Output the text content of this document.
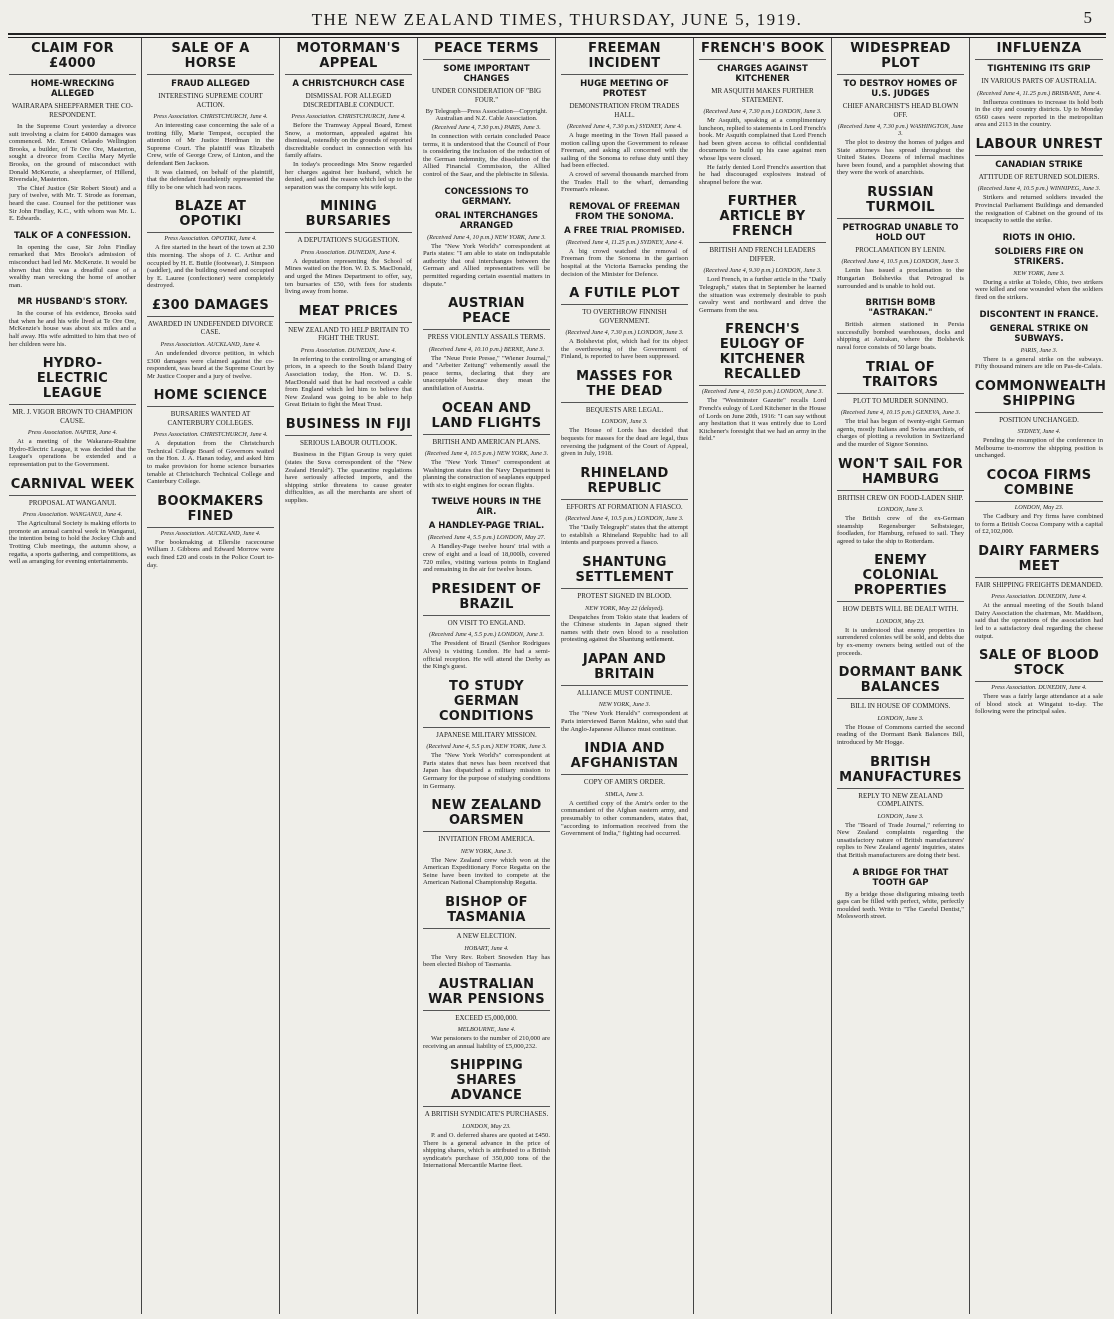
THE NEW ZEALAND TIMES, THURSDAY, JUNE 5, 1919.	5
CLAIM FOR £4000
HOME-WRECKING ALLEGED
WAIRARAPA SHEEPFARMER THE CO-RESPONDENT.

In the Supreme Court yesterday a divorce suit involving a claim for £4000 damages was commenced. Mr. Ernest Orlando Wellington Brooks, a builder, of Te Ore Ore, Masterton, sought a divorce from Cecilia Mary Myrtle Brooks, on the ground of misconduct with Donald McKenzie, a sheepfarmer, of Hillend, Riversdale, Masterton.

The Chief Justice (Sir Robert Stout) and a jury of twelve, with Mr. T. Strode as foreman, heard the case. Counsel for the petitioner was Sir John Findlay, K.C., with whom was Mr. L. E. Edwards.

TALK OF A CONFESSION.

In opening the case, Sir John Findlay remarked that Mrs Brooks's admission of misconduct had led Mr. McKenzie. It would be shown that this was a dreadful case of a wealthy man wrecking the home of another man.

MR HUSBAND'S STORY.

In the course of his evidence, Brooks said that when he and his wife lived at Te Ore Ore, McKenzie's house was about six miles and a half away. His wife admitted to him that two of her children were his.

HYDRO-ELECTRIC LEAGUE
MR. J. VIGOR BROWN TO CHAMPION CAUSE.
Press Association. NAPIER, June 4.

At a meeting of the Wakarara-Ruahine Hydro-Electric League, it was decided that the League's operations be extended and a representation put to the Government.

CARNIVAL WEEK
PROPOSAL AT WANGANUI.
Press Association. WANGANUI, June 4.

The Agricultural Society is making efforts to promote an annual carnival week in Wanganui, the intention being to hold the Jockey Club and Trotting Club meetings, the autumn show, a regatta, a sports gathering, and competitions, as well as arranging for evening entertainments.

SALE OF A HORSE
FRAUD ALLEGED
INTERESTING SUPREME COURT ACTION.
Press Association. CHRISTCHURCH, June 4.

An interesting case concerning the sale of a trotting filly, Marie Tempest, occupied the attention of Mr Justice Herdman in the Supreme Court. The plaintiff was Elizabeth Crew, wife of George Crew, of Linton, and the defendant Ben Jackson.

It was claimed, on behalf of the plaintiff, that the defendant fraudulently represented the filly to be one which had won races.

BLAZE AT OPOTIKI
Press Association. OPOTIKI, June 4.

A fire started in the heart of the town at 2.30 this morning. The shops of J. C. Arthur and occupied by H. E. Buttle (footwear), J. Simpson (saddler), and the building owned and occupied by E. Lauree (confectioner) were completely destroyed.

£300 DAMAGES
AWARDED IN UNDEFENDED DIVORCE CASE.
Press Association. AUCKLAND, June 4.

An undefended divorce petition, in which £300 damages were claimed against the co-respondent, was heard at the Supreme Court by Mr Justice Cooper and a jury of twelve.

HOME SCIENCE
BURSARIES WANTED AT CANTERBURY COLLEGES.
Press Association. CHRISTCHURCH, June 4.

A deputation from the Christchurch Technical College Board of Governors waited on the Hon. J. A. Hanan today, and asked him to make provision for home science bursaries tenable at Christchurch Technical College and Canterbury College.

BOOKMAKERS FINED
Press Association. AUCKLAND, June 4.

For bookmaking at Ellerslie racecourse William J. Gibbons and Edward Morrow were each fined £20 and costs in the Police Court to-day.

MOTORMAN'S APPEAL
A CHRISTCHURCH CASE
DISMISSAL FOR ALLEGED DISCREDITABLE CONDUCT.
Press Association. CHRISTCHURCH, June 4.

Before the Tramway Appeal Board, Ernest Snow, a motorman, appealed against his dismissal, ostensibly on the grounds of reported discreditable conduct in connection with his family affairs.

In today's proceedings Mrs Snow regarded her charges against her husband, which he denied, and said the reason which led up to the separation was the company his wife kept.

MINING BURSARIES
A DEPUTATION'S SUGGESTION.
Press Association. DUNEDIN, June 4.

A deputation representing the School of Mines waited on the Hon. W. D. S. MacDonald, and urged the Mines Department to offer, say, ten bursaries of £50, with fees for students living away from home.

MEAT PRICES
NEW ZEALAND TO HELP BRITAIN TO FIGHT THE TRUST.
Press Association. DUNEDIN, June 4.

In referring to the controlling or arranging of prices, in a speech to the South Island Dairy Association today, the Hon. W. D. S. MacDonald said that he had received a cable from England which led him to believe that New Zealand was going to be able to help Great Britain to fight the Meat Trust.

BUSINESS IN FIJI
SERIOUS LABOUR OUTLOOK.

Business in the Fijian Group is very quiet (states the Suva correspondent of the "New Zealand Herald"). The quarantine regulations have seriously affected imports, and the shipping strike threatens to cause greater difficulties, as all the merchants are short of supplies.

PEACE TERMS
SOME IMPORTANT CHANGES
UNDER CONSIDERATION OF "BIG FOUR."
By Telegraph—Press Association—Copyright. Australian and N.Z. Cable Association.
(Received June 4, 7.30 p.m.) PARIS, June 3.

In connection with certain concluded Peace terms, it is understood that the Council of Four is considering the inclusion of the reduction of the German indemnity, the dissolution of the Allied Financial Commission, the Allied control of the Saar, and the plebiscite in Silesia.

CONCESSIONS TO GERMANY.
ORAL INTERCHANGES ARRANGED
(Received June 4, 10 p.m.) NEW YORK, June 3.

The "New York World's" correspondent at Paris states: "I am able to state on indisputable authority that oral interchanges between the German and Allied representatives will be permitted regarding certain essential matters in dispute."

AUSTRIAN PEACE
PRESS VIOLENTLY ASSAILS TERMS.
(Received June 4, 10.10 p.m.) BERNE, June 3.

The "Neue Freie Presse," "Wiener Journal," and "Arbeiter Zeitung" vehemently assail the peace terms, declaring that they are unacceptable because they mean the annihilation of Austria.

OCEAN AND LAND FLIGHTS
BRITISH AND AMERICAN PLANS.
(Received June 4, 10.5 p.m.) NEW YORK, June 3.

The "New York Times" correspondent at Washington states that the Navy Department is planning the construction of seaplanes equipped with six to eight engines for ocean flights.

TWELVE HOURS IN THE AIR.
A HANDLEY-PAGE TRIAL.
(Received June 4, 5.5 p.m.) LONDON, May 27.

A Handley-Page twelve hours' trial with a crew of eight and a load of 18,000lb, covered 720 miles, visiting various points in England and remaining in the air for twelve hours.

PRESIDENT OF BRAZIL
ON VISIT TO ENGLAND.
(Received June 4, 5.5 p.m.) LONDON, June 3.

The President of Brazil (Senhor Rodrigues Alves) is visiting London. He had a semi-official reception. He will attend the Derby as the King's guest.

TO STUDY GERMAN CONDITIONS
JAPANESE MILITARY MISSION.
(Received June 4, 5.5 p.m.) NEW YORK, June 3.

The "New York World's" correspondent at Paris states that news has been received that Japan has dispatched a military mission to Germany for the purpose of studying conditions in Germany.

NEW ZEALAND OARSMEN
INVITATION FROM AMERICA.
NEW YORK, June 3.

The New Zealand crew which won at the American Expeditionary Force Regatta on the Seine have been invited to compete at the American National Championship Regatta.

BISHOP OF TASMANIA
A NEW ELECTION.
HOBART, June 4.

The Very Rev. Robert Snowden Hay has been elected Bishop of Tasmania.

AUSTRALIAN WAR PENSIONS
EXCEED £5,000,000.
MELBOURNE, June 4.

War pensioners to the number of 210,000 are receiving an annual liability of £5,000,232.

SHIPPING SHARES ADVANCE
A BRITISH SYNDICATE'S PURCHASES.
LONDON, May 23.

P. and O. deferred shares are quoted at £450. There is a general advance in the price of shipping shares, which is attributed to a British syndicate's purchase of 350,000 tons of the International Mercantile Marine fleet.

FREEMAN INCIDENT
HUGE MEETING OF PROTEST
DEMONSTRATION FROM TRADES HALL.
(Received June 4, 7.30 p.m.) SYDNEY, June 4.

A huge meeting in the Town Hall passed a motion calling upon the Government to release Freeman, and asking all concerned with the sailing of the Sonoma to refuse duty until they had been effected.

A crowd of several thousands marched from the Trades Hall to the wharf, demanding Freeman's release.

REMOVAL OF FREEMAN FROM THE SONOMA.
A FREE TRIAL PROMISED.
(Received June 4, 11.25 p.m.) SYDNEY, June 4.

A big crowd watched the removal of Freeman from the Sonoma in the garrison hospital at the Victoria Barracks pending the decision of the Minister for Defence.

A FUTILE PLOT
TO OVERTHROW FINNISH GOVERNMENT.
(Received June 4, 7.30 p.m.) LONDON, June 3.

A Bolshevist plot, which had for its object the overthrowing of the Government of Finland, is reported to have been suppressed.

MASSES FOR THE DEAD
BEQUESTS ARE LEGAL.
LONDON, June 3.

The House of Lords has decided that bequests for masses for the dead are legal, thus reversing the judgment of the Court of Appeal, given in July, 1918.

RHINELAND REPUBLIC
EFFORTS AT FORMATION A FIASCO.
(Received June 4, 10.5 p.m.) LONDON, June 3.

The "Daily Telegraph" states that the attempt to establish a Rhineland Republic had to all intents and purposes proved a fiasco.

SHANTUNG SETTLEMENT
PROTEST SIGNED IN BLOOD.
NEW YORK, May 22 (delayed).

Despatches from Tokio state that leaders of the Chinese students in Japan signed their names with their own blood to a resolution protesting against the Shantung settlement.

JAPAN AND BRITAIN
ALLIANCE MUST CONTINUE.
NEW YORK, June 3.

The "New York Herald's" correspondent at Paris interviewed Baron Makino, who said that the Anglo-Japanese Alliance must continue.

INDIA AND AFGHANISTAN
COPY OF AMIR'S ORDER.
SIMLA, June 3.

A certified copy of the Amir's order to the commandant of the Afghan eastern army, and presumably to other commanders, states that, "according to information received from the Government of India," fighting had occurred.

FRENCH'S BOOK
CHARGES AGAINST KITCHENER
MR ASQUITH MAKES FURTHER STATEMENT.
(Received June 4, 7.30 p.m.) LONDON, June 3.

Mr Asquith, speaking at a complimentary luncheon, replied to statements in Lord French's book. Mr Asquith complained that Lord French had been given access to official confidential documents to build up his case against men whose lips were closed.

He fairly denied Lord French's assertion that he had discouraged explosives instead of shrapnel before the war.

FURTHER ARTICLE BY FRENCH
BRITISH AND FRENCH LEADERS DIFFER.
(Received June 4, 9.30 p.m.) LONDON, June 3.

Lord French, in a further article in the "Daily Telegraph," states that in September he learned the situation was extremely desirable to push cavalry west and northward and drive the Germans from the sea.

FRENCH'S EULOGY OF KITCHENER RECALLED
(Received June 4, 10.50 p.m.) LONDON, June 3.

The "Westminster Gazette" recalls Lord French's eulogy of Lord Kitchener in the House of Lords on June 20th, 1916: "I can say without any hesitation that it was entirely due to Lord Kitchener's foresight that we had an army in the field."

WIDESPREAD PLOT
TO DESTROY HOMES OF U.S. JUDGES
CHIEF ANARCHIST'S HEAD BLOWN OFF.
(Received June 4, 7.30 p.m.) WASHINGTON, June 3.

The plot to destroy the homes of judges and State attorneys has spread throughout the United States. Dozens of infernal machines have been found, and a pamphlet showing that they were the work of anarchists.

RUSSIAN TURMOIL
PETROGRAD UNABLE TO HOLD OUT
PROCLAMATION BY LENIN.
(Received June 4, 10.5 p.m.) LONDON, June 3.

Lenin has issued a proclamation to the Hungarian Bolsheviks that Petrograd is surrounded and is unable to hold out.

BRITISH BOMB "ASTRAKAN."

British airmen stationed in Persia successfully bombed warehouses, docks and shipping at Astrakan, where the Bolshevik naval force consists of 50 large boats.

TRIAL OF TRAITORS
PLOT TO MURDER SONNINO.
(Received June 4, 10.15 p.m.) GENEVA, June 3.

The trial has begun of twenty-eight German agents, mostly Italians and Swiss anarchists, of charges of plotting a revolution in Switzerland and the murder of Signor Sonnino.

WON'T SAIL FOR HAMBURG
BRITISH CREW ON FOOD-LADEN SHIP.
LONDON, June 3.

The British crew of the ex-German steamship Regensburger Selbstsieger, foodladen, for Hamburg, refused to sail. They agreed to take the ship to Rotterdam.

ENEMY COLONIAL PROPERTIES
HOW DEBTS WILL BE DEALT WITH.
LONDON, May 23.

It is understood that enemy properties in surrendered colonies will be sold, and debts due by ex-enemy owners being settled out of the proceeds.

DORMANT BANK BALANCES
BILL IN HOUSE OF COMMONS.
LONDON, June 3.

The House of Commons carried the second reading of the Dormant Bank Balances Bill, introduced by Mr Hogge.

BRITISH MANUFACTURES
REPLY TO NEW ZEALAND COMPLAINTS.
LONDON, June 3.

The "Board of Trade Journal," referring to New Zealand complaints regarding the unsatisfactory nature of British manufacturers' replies to New Zealand agents' inquiries, states that British manufacturers are doing their best.

A BRIDGE FOR THAT TOOTH GAP

By a bridge those disfiguring missing teeth gaps can be filled with perfect, white, perfectly moulded teeth. Write to "The Careful Dentist," Molesworth street.

INFLUENZA
TIGHTENING ITS GRIP
IN VARIOUS PARTS OF AUSTRALIA.
(Received June 4, 11.25 p.m.) BRISBANE, June 4.

Influenza continues to increase its hold both in the city and country districts. Up to Monday 6560 cases were reported in the metropolitan area and 2113 in the country.

LABOUR UNREST
CANADIAN STRIKE
ATTITUDE OF RETURNED SOLDIERS.
(Received June 4, 10.5 p.m.) WINNIPEG, June 3.

Strikers and returned soldiers invaded the Provincial Parliament Buildings and demanded the resignation of Cabinet on the ground of its incapacity to settle the strike.

RIOTS IN OHIO.
SOLDIERS FIRE ON STRIKERS.
NEW YORK, June 3.

During a strike at Toledo, Ohio, two strikers were killed and one wounded when the soldiers fired on the strikers.

DISCONTENT IN FRANCE.
GENERAL STRIKE ON SUBWAYS.
PARIS, June 3.

There is a general strike on the subways. Fifty thousand miners are idle on Pas-de-Calais.

COMMONWEALTH SHIPPING
POSITION UNCHANGED.
SYDNEY, June 4.

Pending the resumption of the conference in Melbourne to-morrow the shipping position is unchanged.

COCOA FIRMS COMBINE
LONDON, May 23.

The Cadbury and Fry firms have combined to form a British Cocoa Company with a capital of £2,102,000.

DAIRY FARMERS MEET
FAIR SHIPPING FREIGHTS DEMANDED.
Press Association. DUNEDIN, June 4.

At the annual meeting of the South Island Dairy Association the chairman, Mr. Maddison, said that the operations of the association had led to a satisfactory deal regarding the cheese output.

SALE OF BLOOD STOCK
Press Association. DUNEDIN, June 4.

There was a fairly large attendance at a sale of blood stock at Wingatui to-day. The following were the principal sales.
